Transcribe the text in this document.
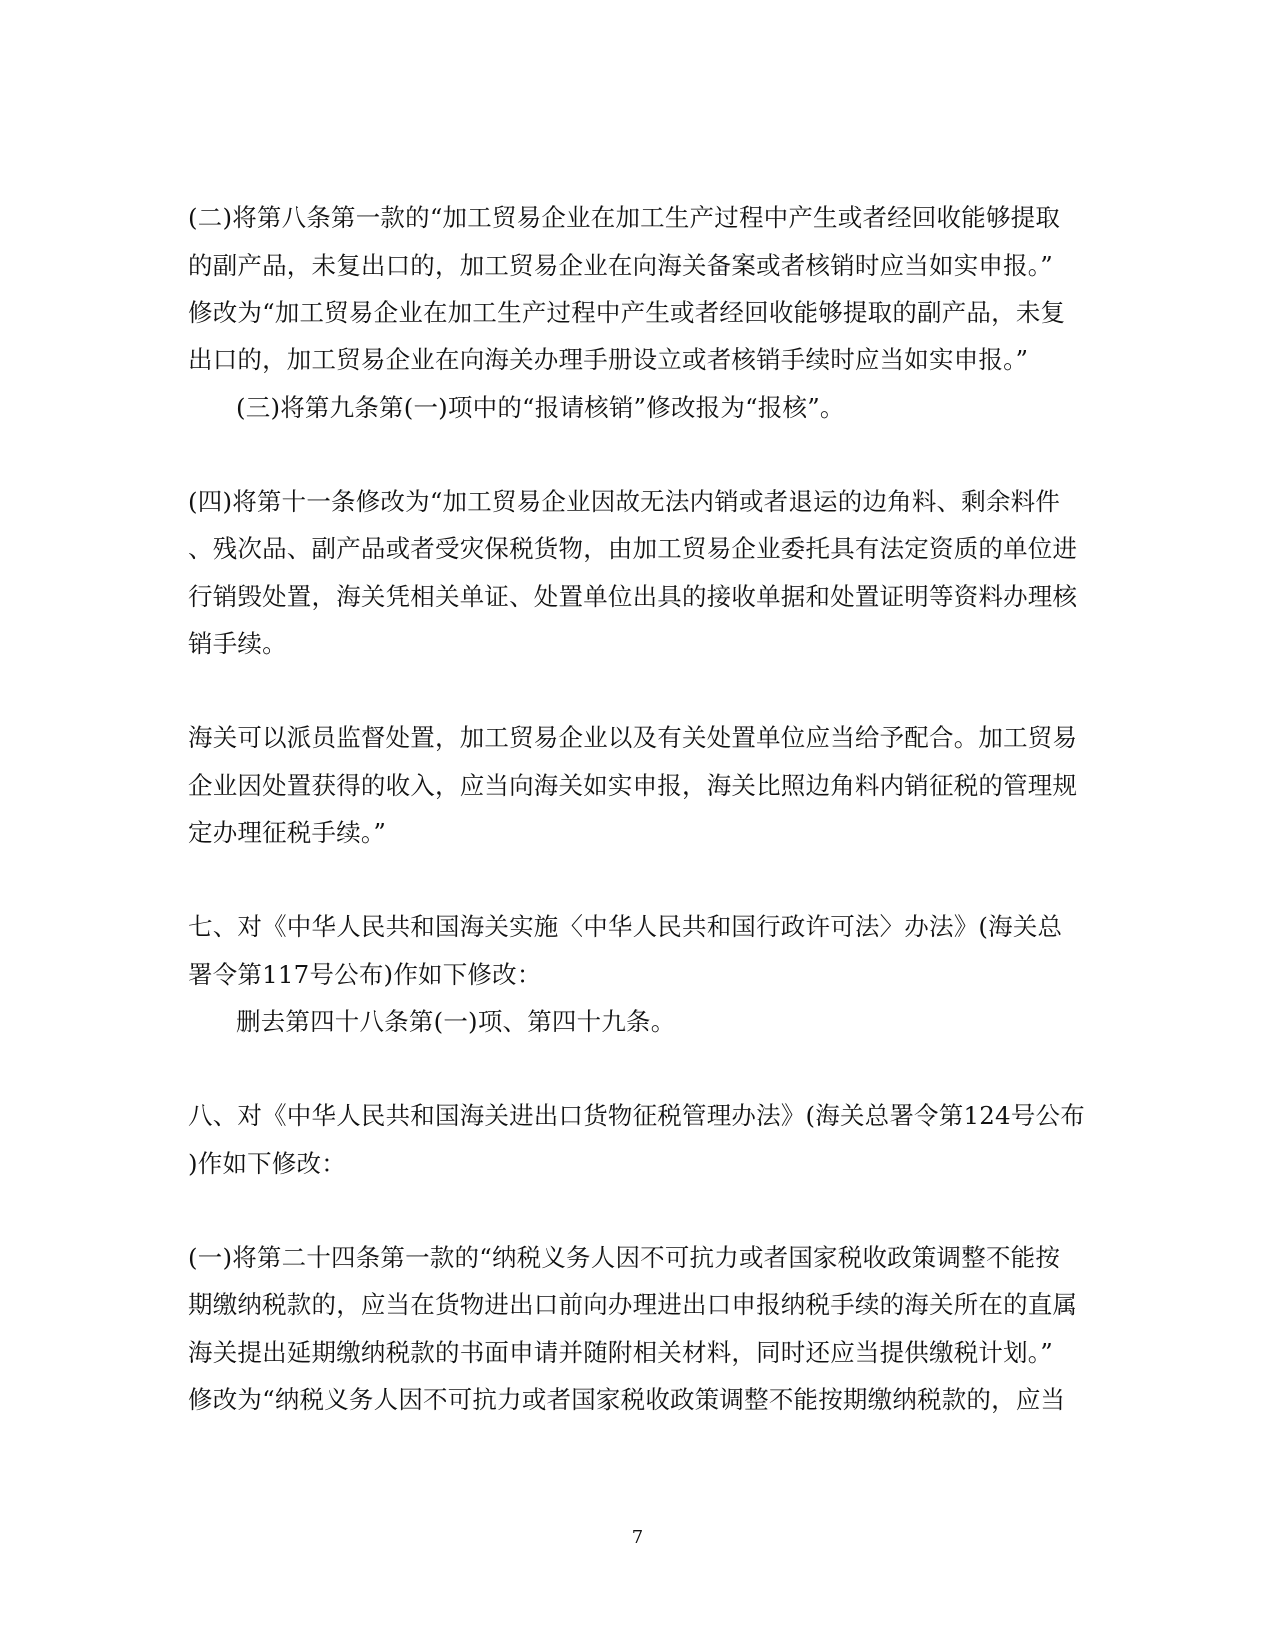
(二)将第八条第一款的“加工贸易企业在加工生产过程中产生或者经回收能够提取
的副产品，未复出口的，加工贸易企业在向海关备案或者核销时应当如实申报。”
修改为“加工贸易企业在加工生产过程中产生或者经回收能够提取的副产品，未复
出口的，加工贸易企业在向海关办理手册设立或者核销手续时应当如实申报。”
(三)将第九条第(一)项中的“报请核销”修改报为“报核”。
(四)将第十一条修改为“加工贸易企业因故无法内销或者退运的边角料、剩余料件
、残次品、副产品或者受灾保税货物，由加工贸易企业委托具有法定资质的单位进
行销毁处置，海关凭相关单证、处置单位出具的接收单据和处置证明等资料办理核
销手续。
海关可以派员监督处置，加工贸易企业以及有关处置单位应当给予配合。加工贸易
企业因处置获得的收入，应当向海关如实申报，海关比照边角料内销征税的管理规
定办理征税手续。”
七、对《中华人民共和国海关实施〈中华人民共和国行政许可法〉办法》(海关总
署令第117号公布)作如下修改：
删去第四十八条第(一)项、第四十九条。
八、对《中华人民共和国海关进出口货物征税管理办法》(海关总署令第124号公布
)作如下修改：
(一)将第二十四条第一款的“纳税义务人因不可抗力或者国家税收政策调整不能按
期缴纳税款的，应当在货物进出口前向办理进出口申报纳税手续的海关所在的直属
海关提出延期缴纳税款的书面申请并随附相关材料，同时还应当提供缴税计划。”
修改为“纳税义务人因不可抗力或者国家税收政策调整不能按期缴纳税款的，应当
7
